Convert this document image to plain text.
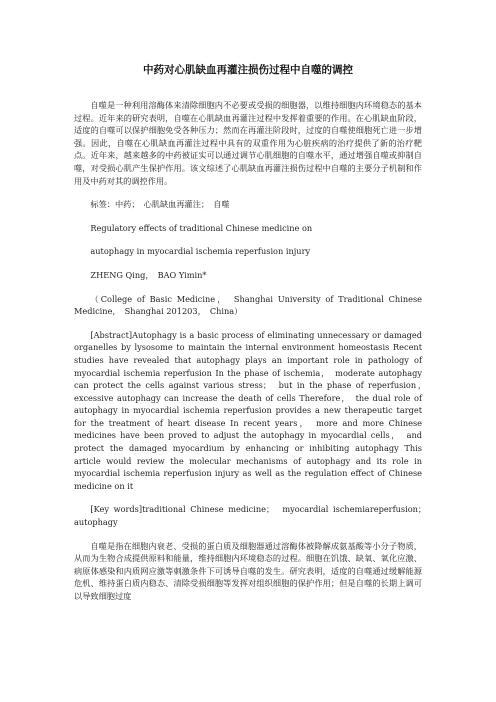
中药对心肌缺血再灌注损伤过程中自噬的调控

自噬是一种利用溶酶体来清除细胞内不必要或受损的细胞器，以维持细胞内环境稳态的基本过程。近年来的研究表明，自噬在心肌缺血再灌注过程中发挥着重要的作用。在心肌缺血阶段，适度的自噬可以保护细胞免受各种压力；然而在再灌注阶段时，过度的自噬使细胞死亡进一步增强。因此，自噬在心肌缺血再灌注过程中具有的双重作用为心脏疾病的治疗提供了新的治疗靶点。近年来，越来越多的中药被证实可以通过调节心肌细胞的自噬水平，通过增强自噬或抑制自噬，对受损心肌产生保护作用。该文综述了心肌缺血再灌注损伤过程中自噬的主要分子机制和作用及中药对其的调控作用。

标签：中药；　心肌缺血再灌注；　自噬

Regulatory effects of traditional Chinese medicine on

autophagy in myocardial ischemia reperfusion injury

ZHENG Qing，　BAO Yimin*

（College of Basic Medicine，　Shanghai University of Traditional Chinese Medicine，　Shanghai 201203，　China）

[Abstract]Autophagy is a basic process of eliminating unnecessary or damaged organelles by lysosome to maintain the internal environment homeostasis Recent studies have revealed that autophagy plays an important role in pathology of myocardial ischemia reperfusion In the phase of ischemia，　moderate autophagy can protect the cells against various stress；　but in the phase of reperfusion，　excessive autophagy can increase the death of cells Therefore，　the dual role of autophagy in myocardial ischemia reperfusion provides a new therapeutic target for the treatment of heart disease In recent years，　more and more Chinese medicines have been proved to adjust the autophagy in myocardial cells，　and protect the damaged myocardium by enhancing or inhibiting autophagy This article would review the molecular mechanisms of autophagy and its role in myocardial ischemia reperfusion injury as well as the regulation effect of Chinese medicine on it

[Key words]traditional Chinese medicine；　myocardial ischemiareperfusion；　autophagy

自噬是指在细胞内衰老、受损的蛋白质及细胞器通过溶酶体被降解成氨基酸等小分子物质，从而为生物合成提供原料和能量，维持细胞内环境稳态的过程。细胞在饥饿、缺氧、氧化应激、病原体感染和内质网应激等刺激条件下可诱导自噬的发生。研究表明，适度的自噬通过缓解能源危机、维持蛋白质内稳态、清除受损细胞等发挥对组织细胞的保护作用；但是自噬的长期上调可以导致细胞过度
